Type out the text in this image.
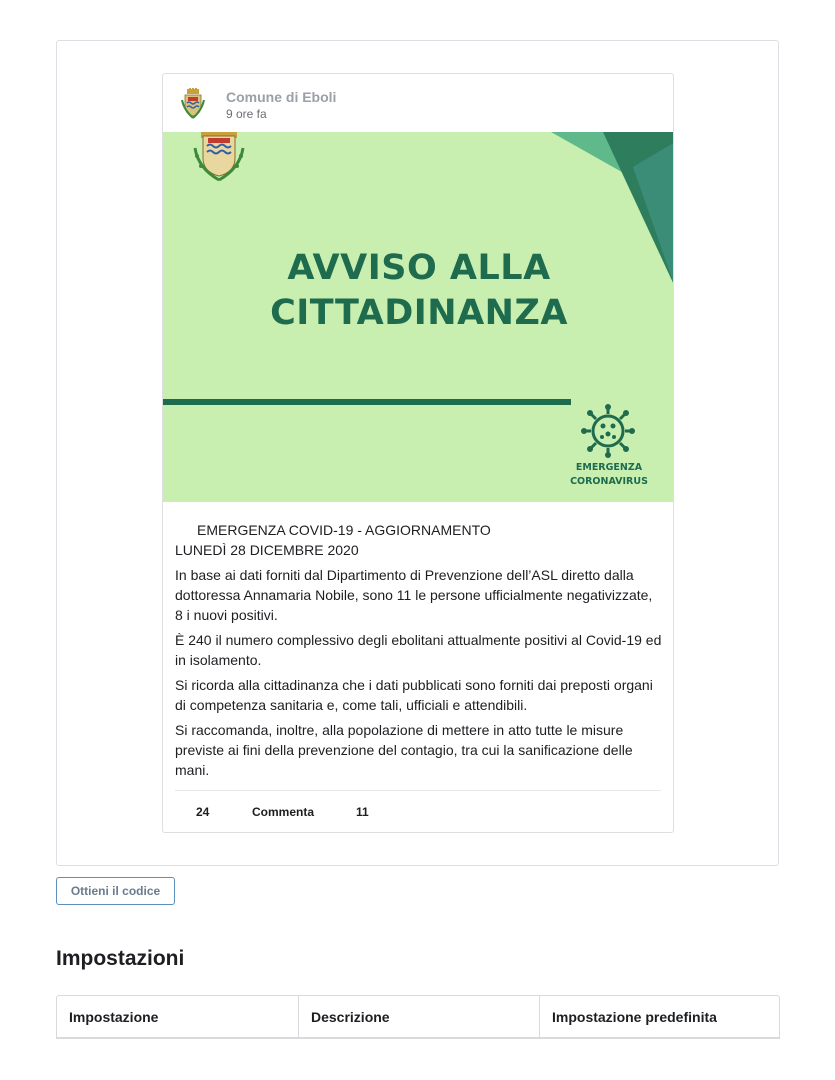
Comune di Eboli
9 ore fa
AVVISO ALLA
CITTADINANZA
EMERGENZA
CORONAVIRUS
EMERGENZA COVID-19 - AGGIORNAMENTO

LUNEDÌ 28 DICEMBRE 2020

In base ai dati forniti dal Dipartimento di Prevenzione dell’ASL diretto dalla dottoressa Annamaria Nobile, sono 11 le persone ufficialmente negativizzate, 8 i nuovi positivi.

È 240 il numero complessivo degli ebolitani attualmente positivi al Covid-19 ed in isolamento.

Si ricorda alla cittadinanza che i dati pubblicati sono forniti dai preposti organi di competenza sanitaria e, come tali, ufficiali e attendibili.

Si raccomanda, inoltre, alla popolazione di mettere in atto tutte le misure previste ai fini della prevenzione del contagio, tra cui la sanificazione delle mani.

24	Commenta	11
Ottieni il codice
Impostazioni
Impostazione	Descrizione	Impostazione predefinita
